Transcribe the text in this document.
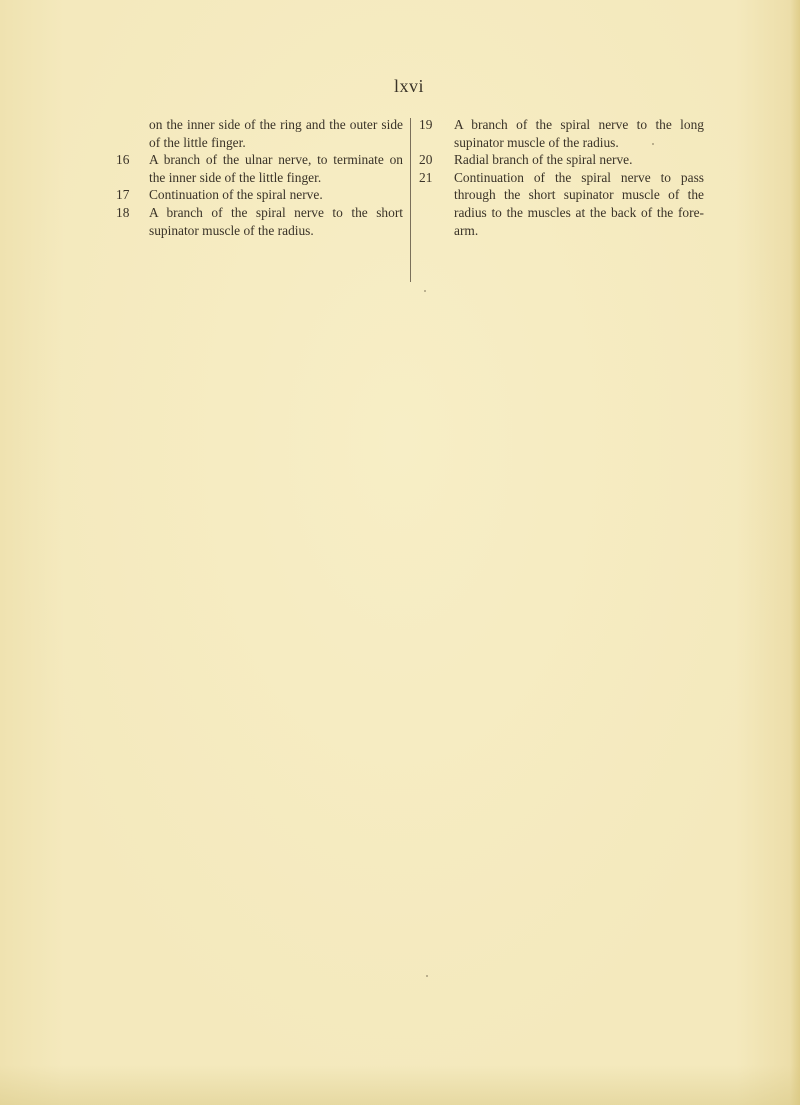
lxvi
on the inner side of the ring and the outer side of the little finger.
16	A branch of the ulnar nerve, to terminate on the inner side of the little finger.
17	Continuation of the spiral nerve.
18	A branch of the spiral nerve to the short supinator muscle of the radius.
19	A branch of the spiral nerve to the long supinator muscle of the radius.
20	Radial branch of the spiral nerve.
21	Continuation of the spiral nerve to pass through the short supinator muscle of the radius to the muscles at the back of the fore-arm.
